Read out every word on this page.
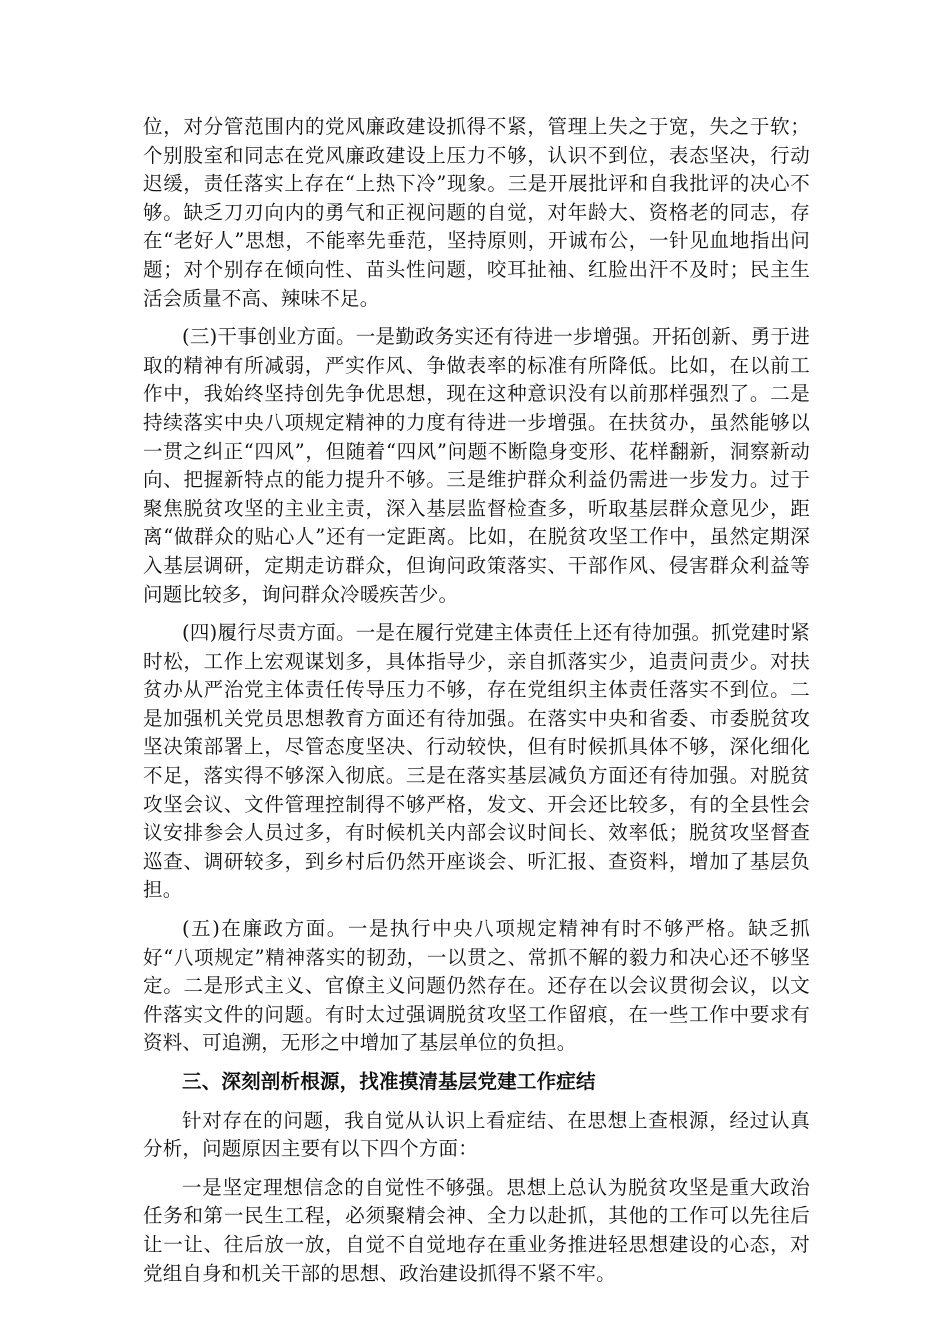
位，对分管范围内的党风廉政建设抓得不紧，管理上失之于宽，失之于软；个别股室和同志在党风廉政建设上压力不够，认识不到位，表态坚决，行动迟缓，责任落实上存在“上热下冷”现象。三是开展批评和自我批评的决心不够。缺乏刀刃向内的勇气和正视问题的自觉，对年龄大、资格老的同志，存在“老好人”思想，不能率先垂范，坚持原则，开诚布公，一针见血地指出问题；对个别存在倾向性、苗头性问题，咬耳扯袖、红脸出汗不及时；民主生活会质量不高、辣味不足。

(三)干事创业方面。一是勤政务实还有待进一步增强。开拓创新、勇于进取的精神有所减弱，严实作风、争做表率的标准有所降低。比如，在以前工作中，我始终坚持创先争优思想，现在这种意识没有以前那样强烈了。二是持续落实中央八项规定精神的力度有待进一步增强。在扶贫办，虽然能够以一贯之纠正“四风”，但随着“四风”问题不断隐身变形、花样翻新，洞察新动向、把握新特点的能力提升不够。三是维护群众利益仍需进一步发力。过于聚焦脱贫攻坚的主业主责，深入基层监督检查多，听取基层群众意见少，距离“做群众的贴心人”还有一定距离。比如，在脱贫攻坚工作中，虽然定期深入基层调研，定期走访群众，但询问政策落实、干部作风、侵害群众利益等问题比较多，询问群众冷暖疾苦少。

(四)履行尽责方面。一是在履行党建主体责任上还有待加强。抓党建时紧时松，工作上宏观谋划多，具体指导少，亲自抓落实少，追责问责少。对扶贫办从严治党主体责任传导压力不够，存在党组织主体责任落实不到位。二是加强机关党员思想教育方面还有待加强。在落实中央和省委、市委脱贫攻坚决策部署上，尽管态度坚决、行动较快，但有时候抓具体不够，深化细化不足，落实得不够深入彻底。三是在落实基层减负方面还有待加强。对脱贫攻坚会议、文件管理控制得不够严格，发文、开会还比较多，有的全县性会议安排参会人员过多，有时候机关内部会议时间长、效率低；脱贫攻坚督查巡查、调研较多，到乡村后仍然开座谈会、听汇报、查资料，增加了基层负担。

(五)在廉政方面。一是执行中央八项规定精神有时不够严格。缺乏抓好“八项规定”精神落实的韧劲，一以贯之、常抓不解的毅力和决心还不够坚定。二是形式主义、官僚主义问题仍然存在。还存在以会议贯彻会议，以文件落实文件的问题。有时太过强调脱贫攻坚工作留痕，在一些工作中要求有资料、可追溯，无形之中增加了基层单位的负担。

三、深刻剖析根源，找准摸清基层党建工作症结

针对存在的问题，我自觉从认识上看症结、在思想上查根源，经过认真分析，问题原因主要有以下四个方面：

一是坚定理想信念的自觉性不够强。思想上总认为脱贫攻坚是重大政治任务和第一民生工程，必须聚精会神、全力以赴抓，其他的工作可以先往后让一让、往后放一放，自觉不自觉地存在重业务推进轻思想建设的心态，对党组自身和机关干部的思想、政治建设抓得不紧不牢。
